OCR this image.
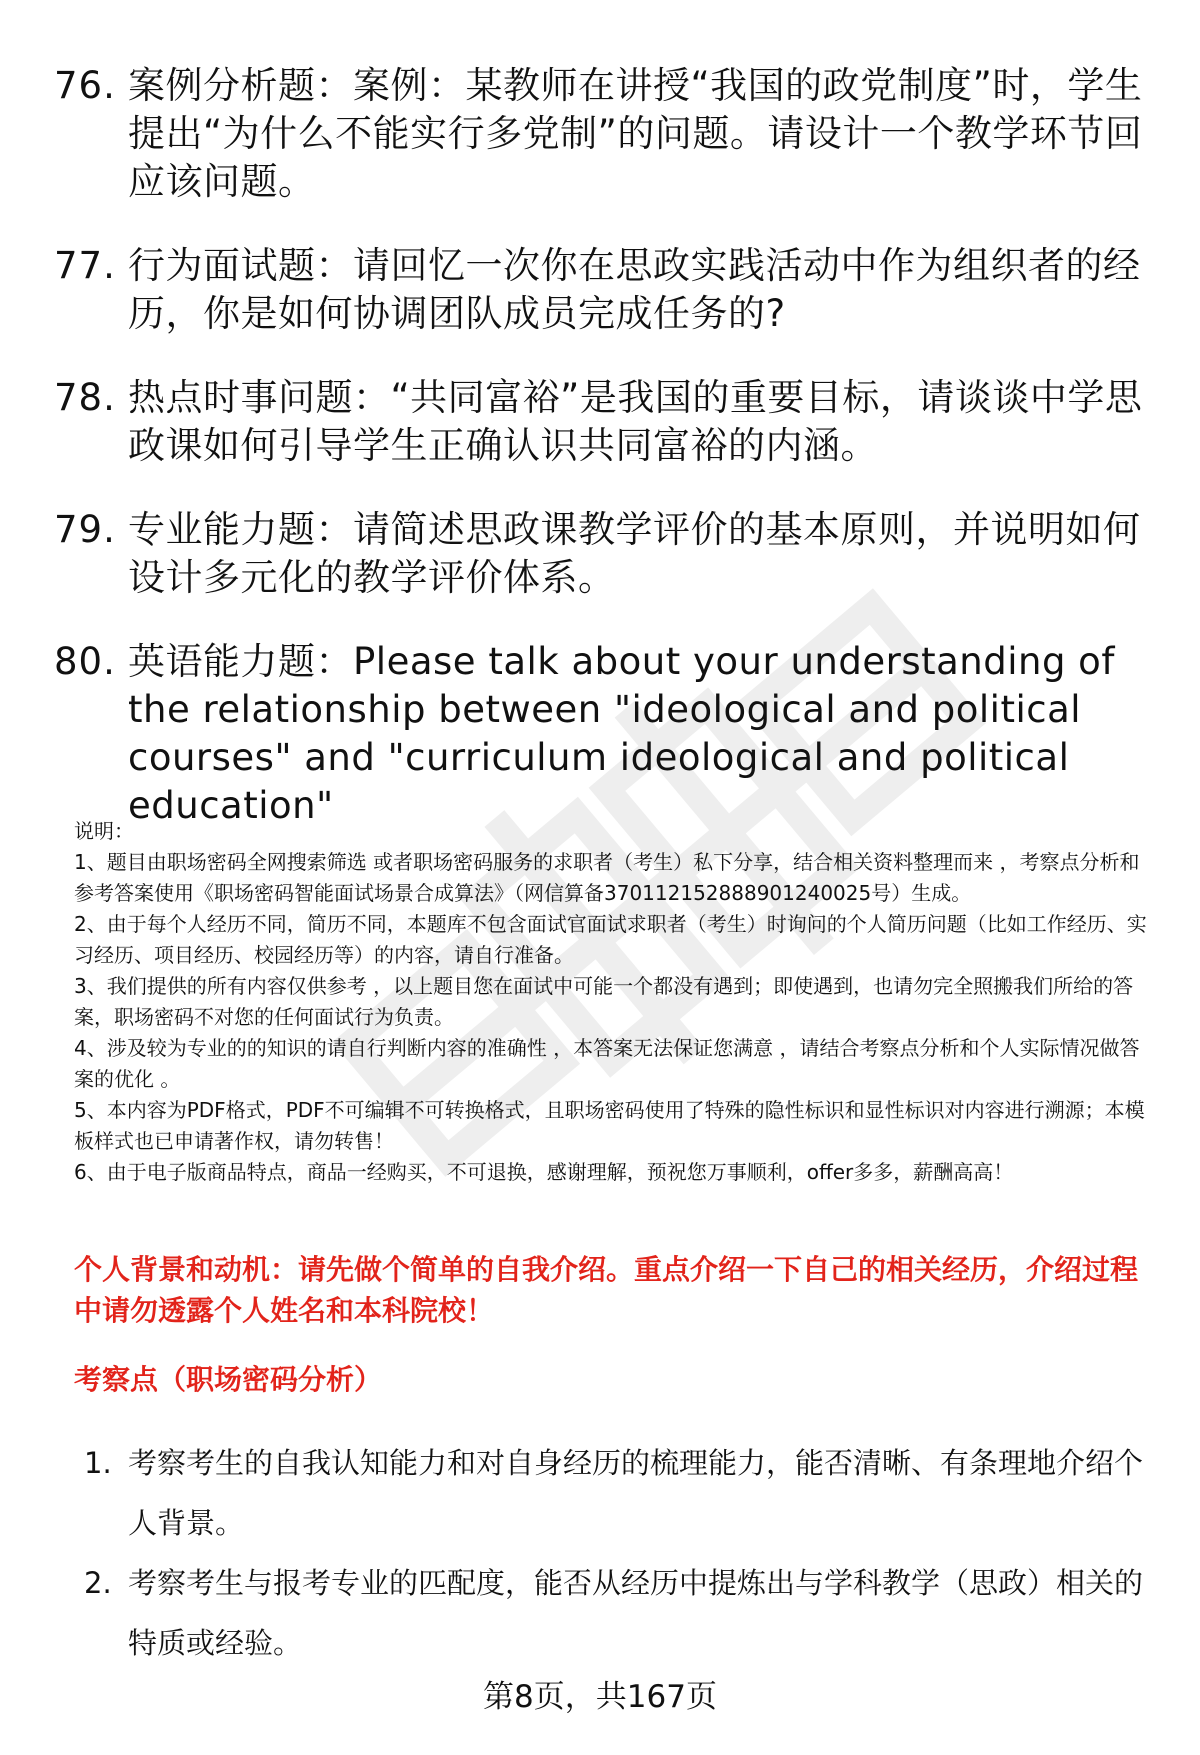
76. 案例分析题：案例：某教师在讲授“我国的政党制度”时，学生提出“为什么不能实行多党制”的问题。请设计一个教学环节回应该问题。
77. 行为面试题：请回忆一次你在思政实践活动中作为组织者的经历，你是如何协调团队成员完成任务的?
78. 热点时事问题：“共同富裕”是我国的重要目标，请谈谈中学思政课如何引导学生正确认识共同富裕的内涵。
79. 专业能力题：请简述思政课教学评价的基本原则，并说明如何设计多元化的教学评价体系。
80. 英语能力题：Please talk about your understanding of the relationship between "ideological and political courses" and "curriculum ideological and political education"

说明：

1、题目由职场密码全网搜索筛选 或者职场密码服务的求职者（考生）私下分享，结合相关资料整理而来 ，考察点分析和参考答案使用《职场密码智能面试场景合成算法》（网信算备370112152888901240025号）生成。

2、由于每个人经历不同，简历不同，本题库不包含面试官面试求职者（考生）时询问的个人简历问题（比如工作经历、实习经历、项目经历、校园经历等）的内容，请自行准备。

3、我们提供的所有内容仅供参考 ，以上题目您在面试中可能一个都没有遇到；即使遇到，也请勿完全照搬我们所给的答案，职场密码不对您的任何面试行为负责。

4、涉及较为专业的的知识的请自行判断内容的准确性 ，本答案无法保证您满意 ，请结合考察点分析和个人实际情况做答案的优化 。

5、本内容为PDF格式，PDF不可编辑不可转换格式，且职场密码使用了特殊的隐性标识和显性标识对内容进行溯源；本模板样式也已申请著作权，请勿转售！

6、由于电子版商品特点，商品一经购买，不可退换，感谢理解，预祝您万事顺利，offer多多，薪酬高高！

个人背景和动机：请先做个简单的自我介绍。重点介绍一下自己的相关经历，介绍过程中请勿透露个人姓名和本科院校！
考察点（职场密码分析）
1. 考察考生的自我认知能力和对自身经历的梳理能力，能否清晰、有条理地介绍个人背景。
2. 考察考生与报考专业的匹配度，能否从经历中提炼出与学科教学（思政）相关的特质或经验。
第8页，共167页
